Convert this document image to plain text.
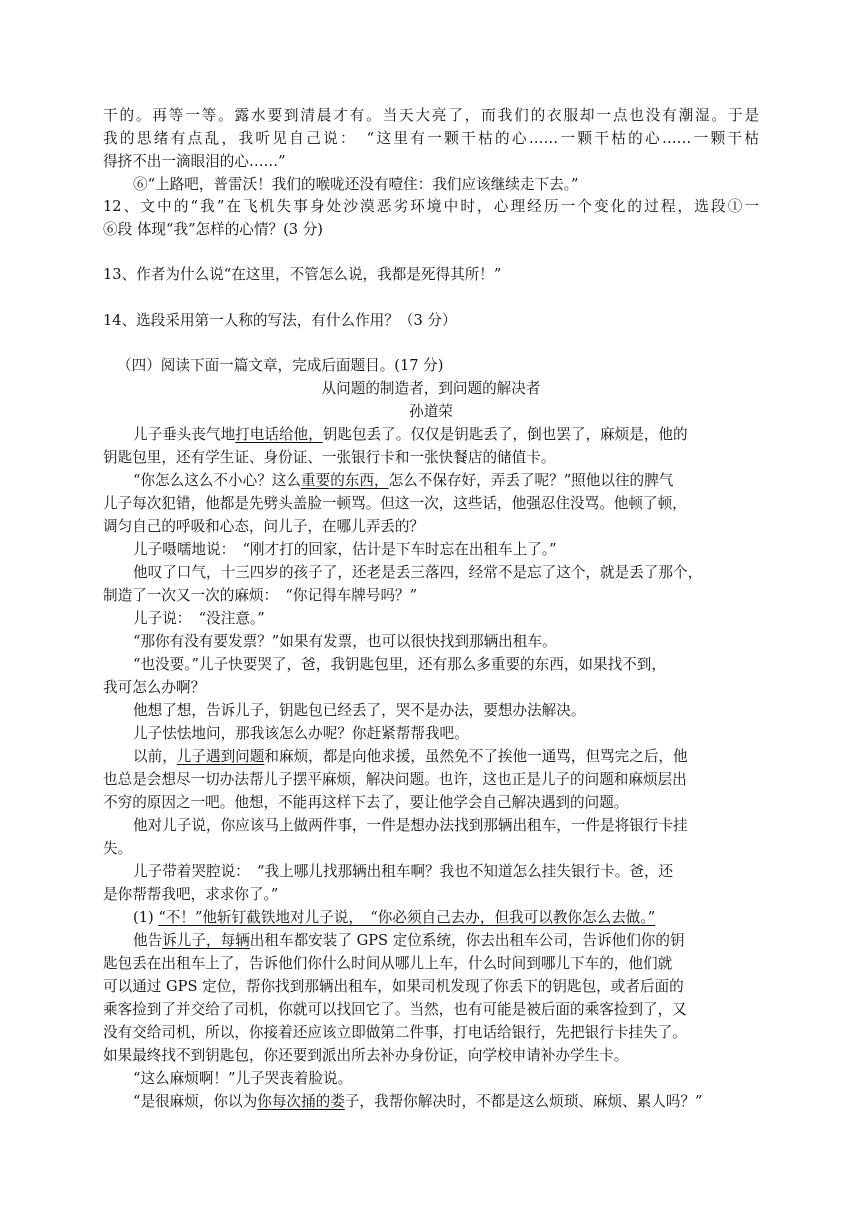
干的。再等一等。露水要到清晨才有。当天大亮了，而我们的衣服却一点也没有潮湿。于是
我的思绪有点乱，我听见自己说：　“这里有一颗干枯的心……一颗干枯的心……一颗干枯
得挤不出一滴眼泪的心……”
⑥“上路吧，普雷沃！我们的喉咙还没有噎住：我们应该继续走下去。”
12、文中的“我”在飞机失事身处沙漠恶劣环境中时，心理经历一个变化的过程，选段①一
⑥段 体现“我”怎样的心情？(3 分)
13、作者为什么说“在这里，不管怎么说，我都是死得其所！”
14、选段采用第一人称的写法，有什么作用？（3 分）
（四）阅读下面一篇文章，完成后面题目。(17 分)
从问题的制造者，到问题的解决者
孙道荣
儿子垂头丧气地打电话给他，钥匙包丢了。仅仅是钥匙丢了，倒也罢了，麻烦是，他的
钥匙包里，还有学生证、身份证、一张银行卡和一张快餐店的储值卡。
“你怎么这么不小心？这么重要的东西，怎么不保存好，弄丢了呢？”照他以往的脾气
儿子每次犯错，他都是先劈头盖脸一顿骂。但这一次，这些话，他强忍住没骂。他顿了顿，
调匀自己的呼吸和心态，问儿子，在哪儿弄丢的？
儿子嗫嚅地说：　“刚才打的回家，估计是下车时忘在出租车上了。”
他叹了口气，十三四岁的孩子了，还老是丢三落四，经常不是忘了这个，就是丢了那个，
制造了一次又一次的麻烦：　“你记得车牌号吗？”
儿子说：　“没注意。”
“那你有没有要发票？”如果有发票，也可以很快找到那辆出租车。
“也没要。”儿子快要哭了，爸，我钥匙包里，还有那么多重要的东西，如果找不到，
我可怎么办啊？
他想了想，告诉儿子，钥匙包已经丢了，哭不是办法，要想办法解决。
儿子怯怯地问，那我该怎么办呢？你赶紧帮帮我吧。
以前，儿子遇到问题和麻烦，都是向他求援，虽然免不了挨他一通骂，但骂完之后，他
也总是会想尽一切办法帮儿子摆平麻烦，解决问题。也许，这也正是儿子的问题和麻烦层出
不穷的原因之一吧。他想，不能再这样下去了，要让他学会自己解决遇到的问题。
他对儿子说，你应该马上做两件事，一件是想办法找到那辆出租车，一件是将银行卡挂
失。
儿子带着哭腔说：　“我上哪儿找那辆出租车啊？我也不知道怎么挂失银行卡。爸，还
是你帮帮我吧，求求你了。”
(1) “不！”他斩钉截铁地对儿子说，　“你必须自己去办，但我可以教你怎么去做。”
他告诉儿子，每辆出租车都安装了 GPS 定位系统，你去出租车公司，告诉他们你的钥
匙包丢在出租车上了，告诉他们你什么时间从哪儿上车，什么时间到哪儿下车的，他们就
可以通过 GPS 定位，帮你找到那辆出租车，如果司机发现了你丢下的钥匙包，或者后面的
乘客捡到了并交给了司机，你就可以找回它了。当然，也有可能是被后面的乘客捡到了，又
没有交给司机，所以，你接着还应该立即做第二件事，打电话给银行，先把银行卡挂失了。
如果最终找不到钥匙包，你还要到派出所去补办身份证，向学校申请补办学生卡。
“这么麻烦啊！”儿子哭丧着脸说。
“是很麻烦，你以为你每次捅的娄子，我帮你解决时，不都是这么烦琐、麻烦、累人吗？”
